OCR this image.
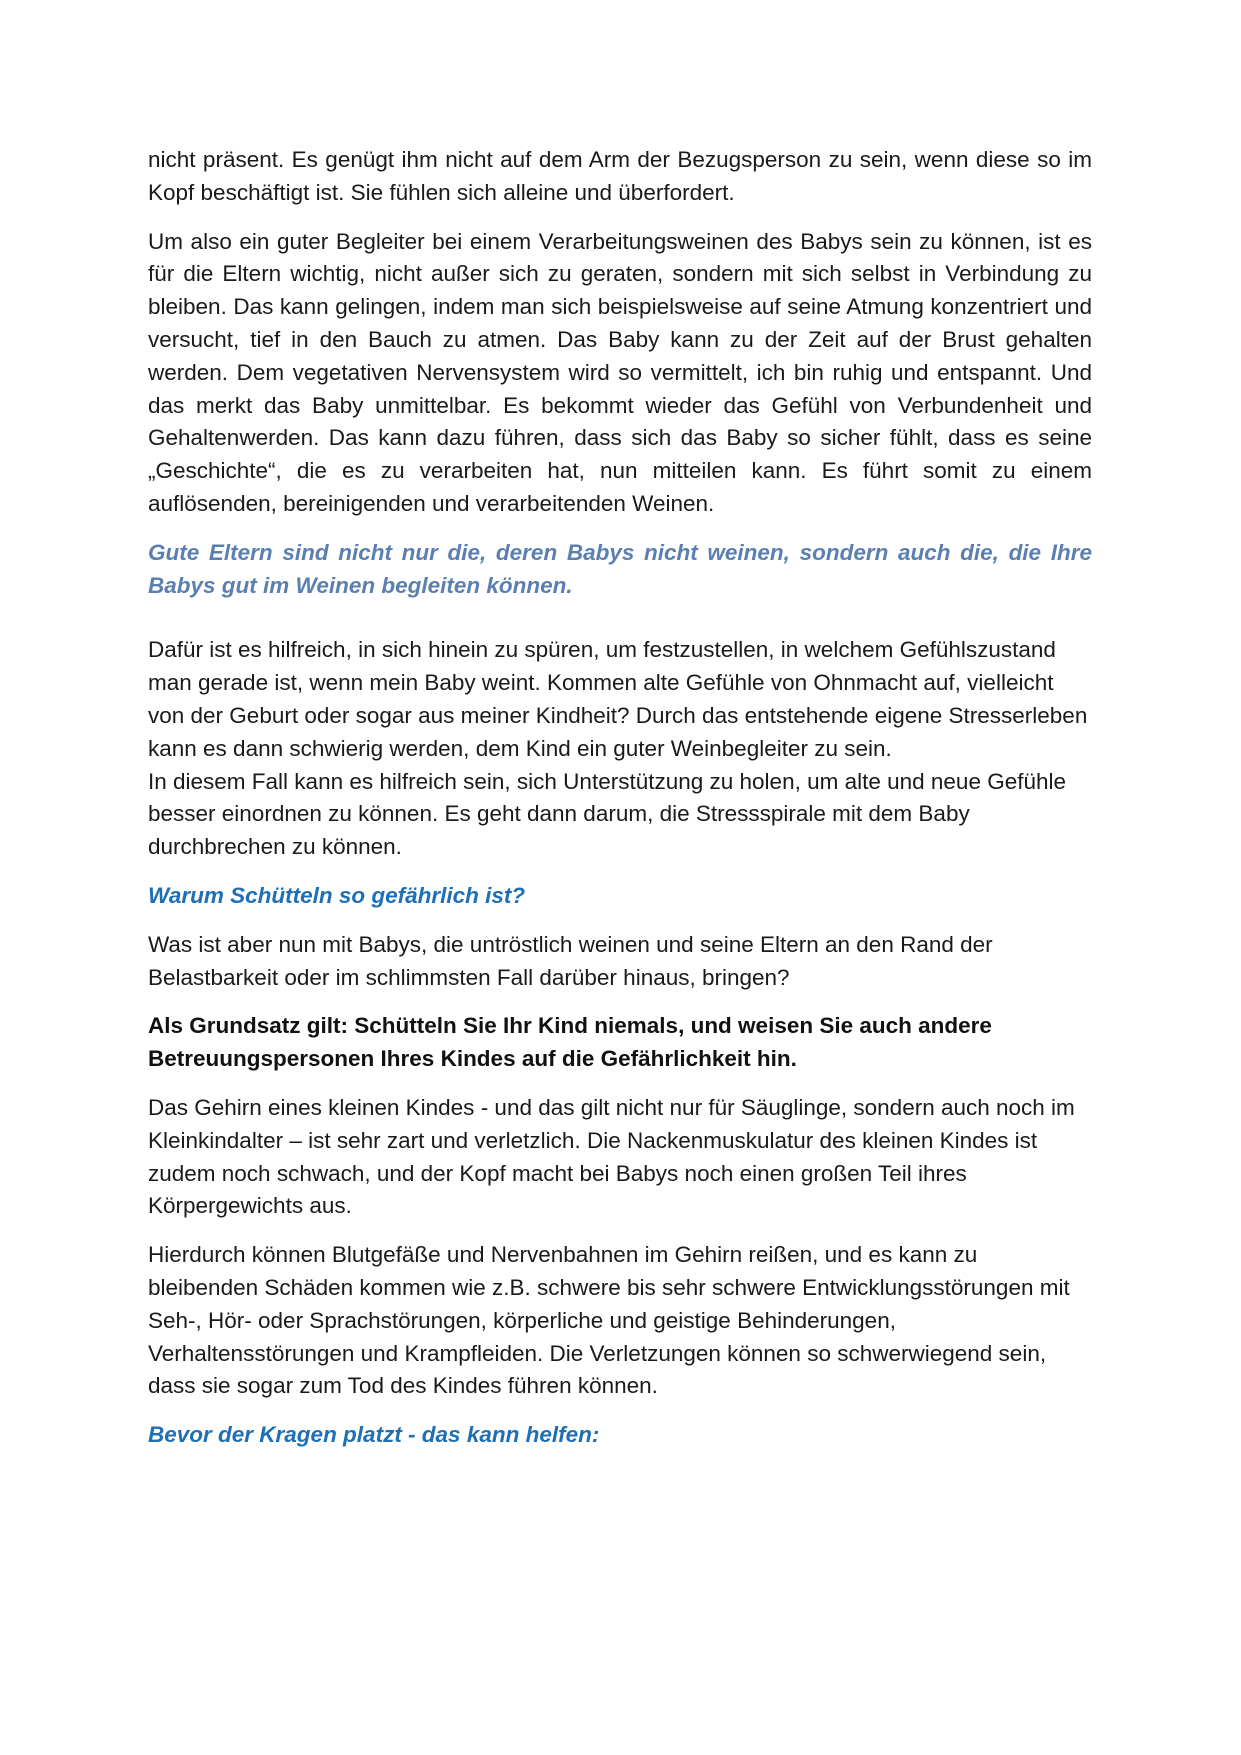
nicht präsent. Es genügt ihm nicht auf dem Arm der Bezugsperson zu sein, wenn diese so im Kopf beschäftigt ist. Sie fühlen sich alleine und überfordert.

Um also ein guter Begleiter bei einem Verarbeitungsweinen des Babys sein zu können, ist es für die Eltern wichtig, nicht außer sich zu geraten, sondern mit sich selbst in Verbindung zu bleiben. Das kann gelingen, indem man sich beispielsweise auf seine Atmung konzentriert und versucht, tief in den Bauch zu atmen. Das Baby kann zu der Zeit auf der Brust gehalten werden. Dem vegetativen Nervensystem wird so vermittelt, ich bin ruhig und entspannt. Und das merkt das Baby unmittelbar. Es bekommt wieder das Gefühl von Verbundenheit und Gehaltenwerden. Das kann dazu führen, dass sich das Baby so sicher fühlt, dass es seine „Geschichte“, die es zu verarbeiten hat, nun mitteilen kann. Es führt somit zu einem auflösenden, bereinigenden und verarbeitenden Weinen.

Gute Eltern sind nicht nur die, deren Babys nicht weinen, sondern auch die, die Ihre Babys gut im Weinen begleiten können.

Dafür ist es hilfreich, in sich hinein zu spüren, um festzustellen, in welchem Gefühlszustand man gerade ist, wenn mein Baby weint. Kommen alte Gefühle von Ohnmacht auf, vielleicht von der Geburt oder sogar aus meiner Kindheit? Durch das entstehende eigene Stresserleben kann es dann schwierig werden, dem Kind ein guter Weinbegleiter zu sein.

In diesem Fall kann es hilfreich sein, sich Unterstützung zu holen, um alte und neue Gefühle besser einordnen zu können. Es geht dann darum, die Stressspirale mit dem Baby durchbrechen zu können.

Warum Schütteln so gefährlich ist?

Was ist aber nun mit Babys, die untröstlich weinen und seine Eltern an den Rand der Belastbarkeit oder im schlimmsten Fall darüber hinaus, bringen?

Als Grundsatz gilt: Schütteln Sie Ihr Kind niemals, und weisen Sie auch andere Betreuungspersonen Ihres Kindes auf die Gefährlichkeit hin.

Das Gehirn eines kleinen Kindes - und das gilt nicht nur für Säuglinge, sondern auch noch im Kleinkindalter – ist sehr zart und verletzlich. Die Nackenmuskulatur des kleinen Kindes ist zudem noch schwach, und der Kopf macht bei Babys noch einen großen Teil ihres Körpergewichts aus.

Hierdurch können Blutgefäße und Nervenbahnen im Gehirn reißen, und es kann zu bleibenden Schäden kommen wie z.B. schwere bis sehr schwere Entwicklungsstörungen mit Seh-, Hör- oder Sprachstörungen, körperliche und geistige Behinderungen, Verhaltensstörungen und Krampfleiden. Die Verletzungen können so schwerwiegend sein, dass sie sogar zum Tod des Kindes führen können.

Bevor der Kragen platzt - das kann helfen:
